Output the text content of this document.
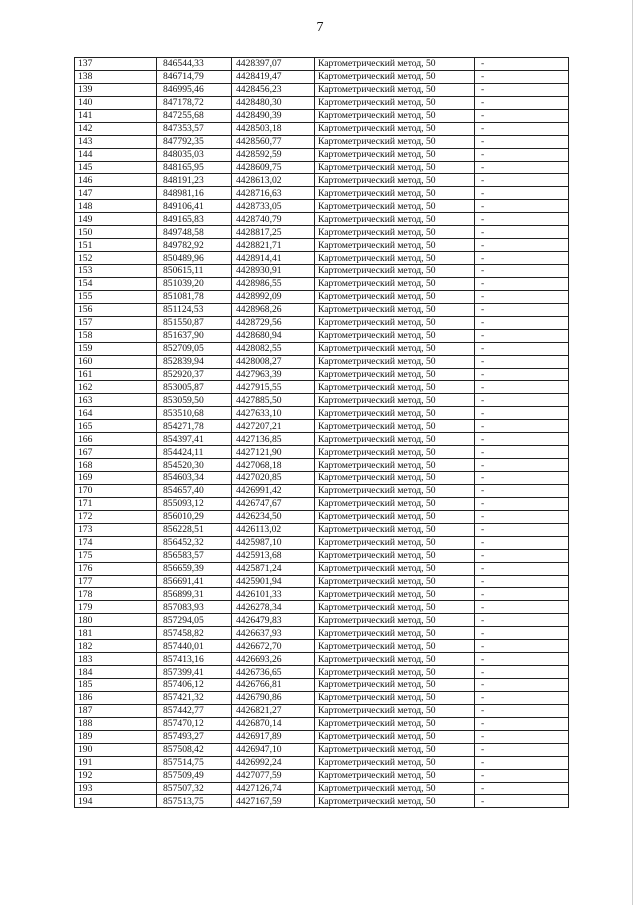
7
137	846544,33	4428397,07	Картометрический метод, 50	-
138	846714,79	4428419,47	Картометрический метод, 50	-
139	846995,46	4428456,23	Картометрический метод, 50	-
140	847178,72	4428480,30	Картометрический метод, 50	-
141	847255,68	4428490,39	Картометрический метод, 50	-
142	847353,57	4428503,18	Картометрический метод, 50	-
143	847792,35	4428560,77	Картометрический метод, 50	-
144	848035,03	4428592,59	Картометрический метод, 50	-
145	848165,95	4428609,75	Картометрический метод, 50	-
146	848191,23	4428613,02	Картометрический метод, 50	-
147	848981,16	4428716,63	Картометрический метод, 50	-
148	849106,41	4428733,05	Картометрический метод, 50	-
149	849165,83	4428740,79	Картометрический метод, 50	-
150	849748,58	4428817,25	Картометрический метод, 50	-
151	849782,92	4428821,71	Картометрический метод, 50	-
152	850489,96	4428914,41	Картометрический метод, 50	-
153	850615,11	4428930,91	Картометрический метод, 50	-
154	851039,20	4428986,55	Картометрический метод, 50	-
155	851081,78	4428992,09	Картометрический метод, 50	-
156	851124,53	4428968,26	Картометрический метод, 50	-
157	851550,87	4428729,56	Картометрический метод, 50	-
158	851637,90	4428680,94	Картометрический метод, 50	-
159	852709,05	4428082,55	Картометрический метод, 50	-
160	852839,94	4428008,27	Картометрический метод, 50	-
161	852920,37	4427963,39	Картометрический метод, 50	-
162	853005,87	4427915,55	Картометрический метод, 50	-
163	853059,50	4427885,50	Картометрический метод, 50	-
164	853510,68	4427633,10	Картометрический метод, 50	-
165	854271,78	4427207,21	Картометрический метод, 50	-
166	854397,41	4427136,85	Картометрический метод, 50	-
167	854424,11	4427121,90	Картометрический метод, 50	-
168	854520,30	4427068,18	Картометрический метод, 50	-
169	854603,34	4427020,85	Картометрический метод, 50	-
170	854657,40	4426991,42	Картометрический метод, 50	-
171	855093,12	4426747,67	Картометрический метод, 50	-
172	856010,29	4426234,50	Картометрический метод, 50	-
173	856228,51	4426113,02	Картометрический метод, 50	-
174	856452,32	4425987,10	Картометрический метод, 50	-
175	856583,57	4425913,68	Картометрический метод, 50	-
176	856659,39	4425871,24	Картометрический метод, 50	-
177	856691,41	4425901,94	Картометрический метод, 50	-
178	856899,31	4426101,33	Картометрический метод, 50	-
179	857083,93	4426278,34	Картометрический метод, 50	-
180	857294,05	4426479,83	Картометрический метод, 50	-
181	857458,82	4426637,93	Картометрический метод, 50	-
182	857440,01	4426672,70	Картометрический метод, 50	-
183	857413,16	4426693,26	Картометрический метод, 50	-
184	857399,41	4426736,65	Картометрический метод, 50	-
185	857406,12	4426766,81	Картометрический метод, 50	-
186	857421,32	4426790,86	Картометрический метод, 50	-
187	857442,77	4426821,27	Картометрический метод, 50	-
188	857470,12	4426870,14	Картометрический метод, 50	-
189	857493,27	4426917,89	Картометрический метод, 50	-
190	857508,42	4426947,10	Картометрический метод, 50	-
191	857514,75	4426992,24	Картометрический метод, 50	-
192	857509,49	4427077,59	Картометрический метод, 50	-
193	857507,32	4427126,74	Картометрический метод, 50	-
194	857513,75	4427167,59	Картометрический метод, 50	-
